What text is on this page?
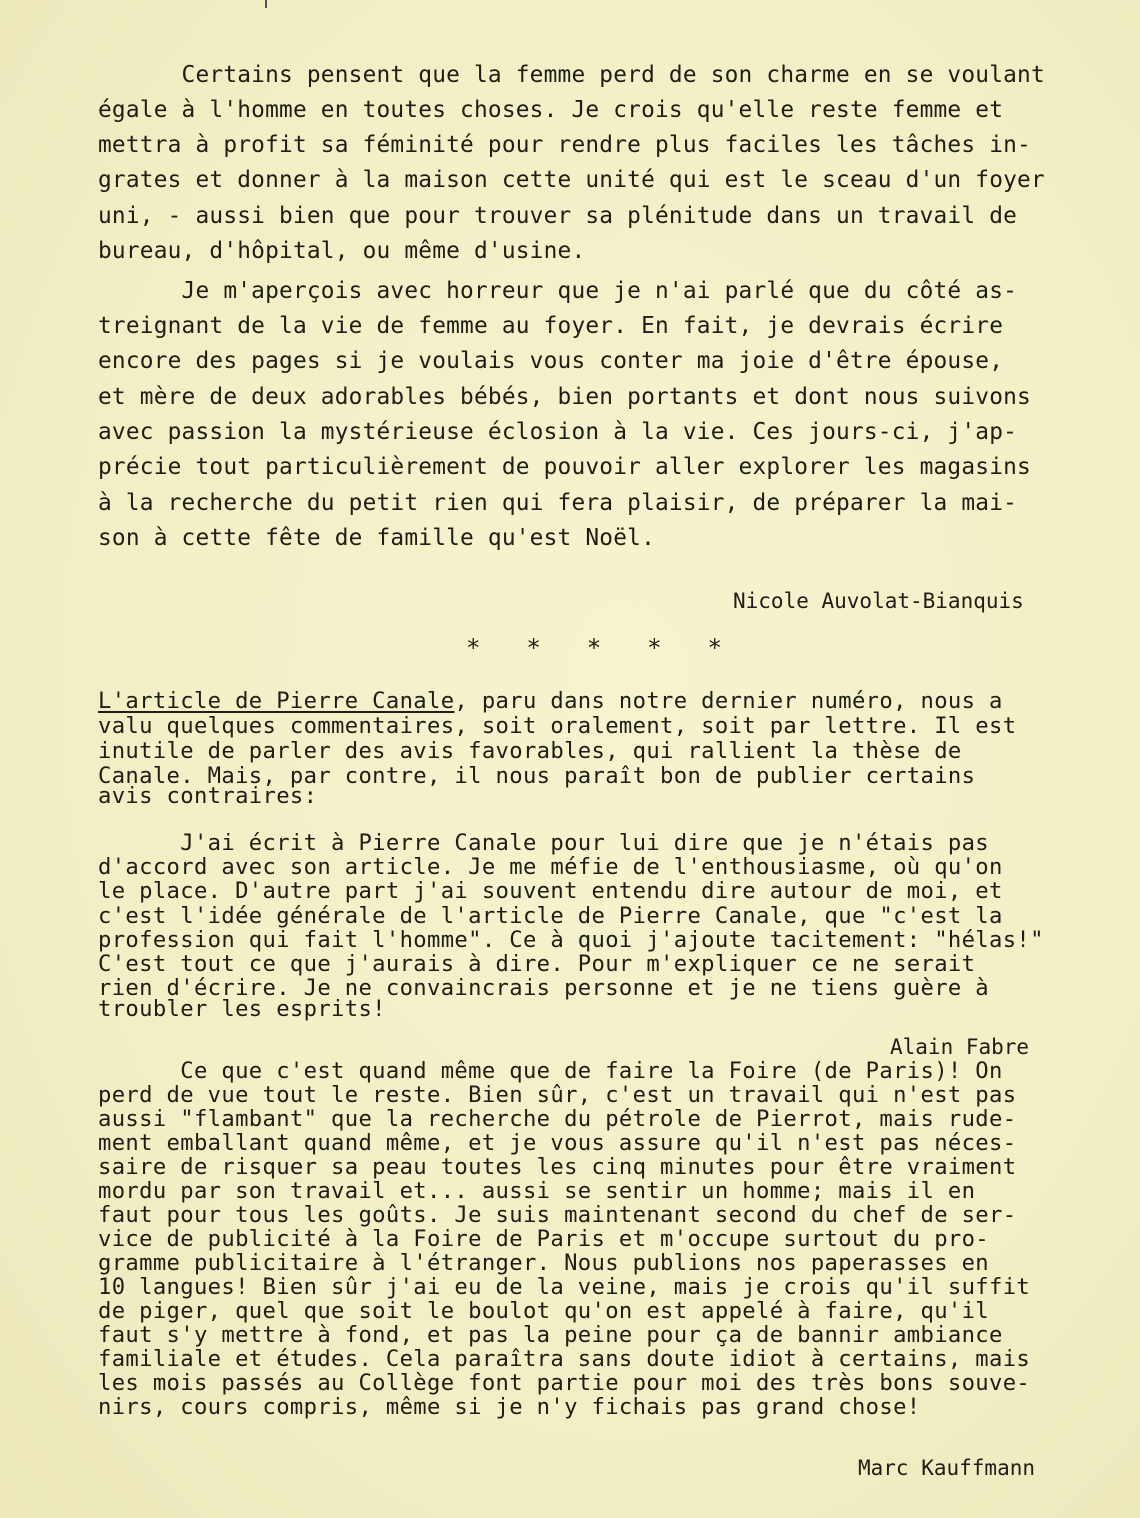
Certains pensent que la femme perd de son charme en se voulant

égale à l'homme en toutes choses. Je crois qu'elle reste femme et

mettra à profit sa féminité pour rendre plus faciles les tâches in-

grates et donner à la maison cette unité qui est le sceau d'un foyer

uni, - aussi bien que pour trouver sa plénitude dans un travail de

bureau, d'hôpital, ou même d'usine.

Je m'aperçois avec horreur que je n'ai parlé que du côté as-

treignant de la vie de femme au foyer. En fait, je devrais écrire

encore des pages si je voulais vous conter ma joie d'être épouse,

et mère de deux adorables bébés, bien portants et dont nous suivons

avec passion la mystérieuse éclosion à la vie. Ces jours-ci, j'ap-

précie tout particulièrement de pouvoir aller explorer les magasins

à la recherche du petit rien qui fera plaisir, de préparer la mai-

son à cette fête de famille qu'est Noël.

Nicole Auvolat-Bianquis

* * * * *

L'article de Pierre Canale, paru dans notre dernier numéro, nous a

valu quelques commentaires, soit oralement, soit par lettre. Il est

inutile de parler des avis favorables, qui rallient la thèse de

Canale. Mais, par contre, il nous paraît bon de publier certains

avis contraires:

J'ai écrit à Pierre Canale pour lui dire que je n'étais pas

d'accord avec son article. Je me méfie de l'enthousiasme, où qu'on

le place. D'autre part j'ai souvent entendu dire autour de moi, et

c'est l'idée générale de l'article de Pierre Canale, que "c'est la

profession qui fait l'homme". Ce à quoi j'ajoute tacitement: "hélas!"

C'est tout ce que j'aurais à dire. Pour m'expliquer ce ne serait

rien d'écrire. Je ne convaincrais personne et je ne tiens guère à

troubler les esprits!

Alain Fabre

Ce que c'est quand même que de faire la Foire (de Paris)! On

perd de vue tout le reste. Bien sûr, c'est un travail qui n'est pas

aussi "flambant" que la recherche du pétrole de Pierrot, mais rude-

ment emballant quand même, et je vous assure qu'il n'est pas néces-

saire de risquer sa peau toutes les cinq minutes pour être vraiment

mordu par son travail et... aussi se sentir un homme; mais il en

faut pour tous les goûts. Je suis maintenant second du chef de ser-

vice de publicité à la Foire de Paris et m'occupe surtout du pro-

gramme publicitaire à l'étranger. Nous publions nos paperasses en

10 langues! Bien sûr j'ai eu de la veine, mais je crois qu'il suffit

de piger, quel que soit le boulot qu'on est appelé à faire, qu'il

faut s'y mettre à fond, et pas la peine pour ça de bannir ambiance

familiale et études. Cela paraîtra sans doute idiot à certains, mais

les mois passés au Collège font partie pour moi des très bons souve-

nirs, cours compris, même si je n'y fichais pas grand chose!

Marc Kauffmann
